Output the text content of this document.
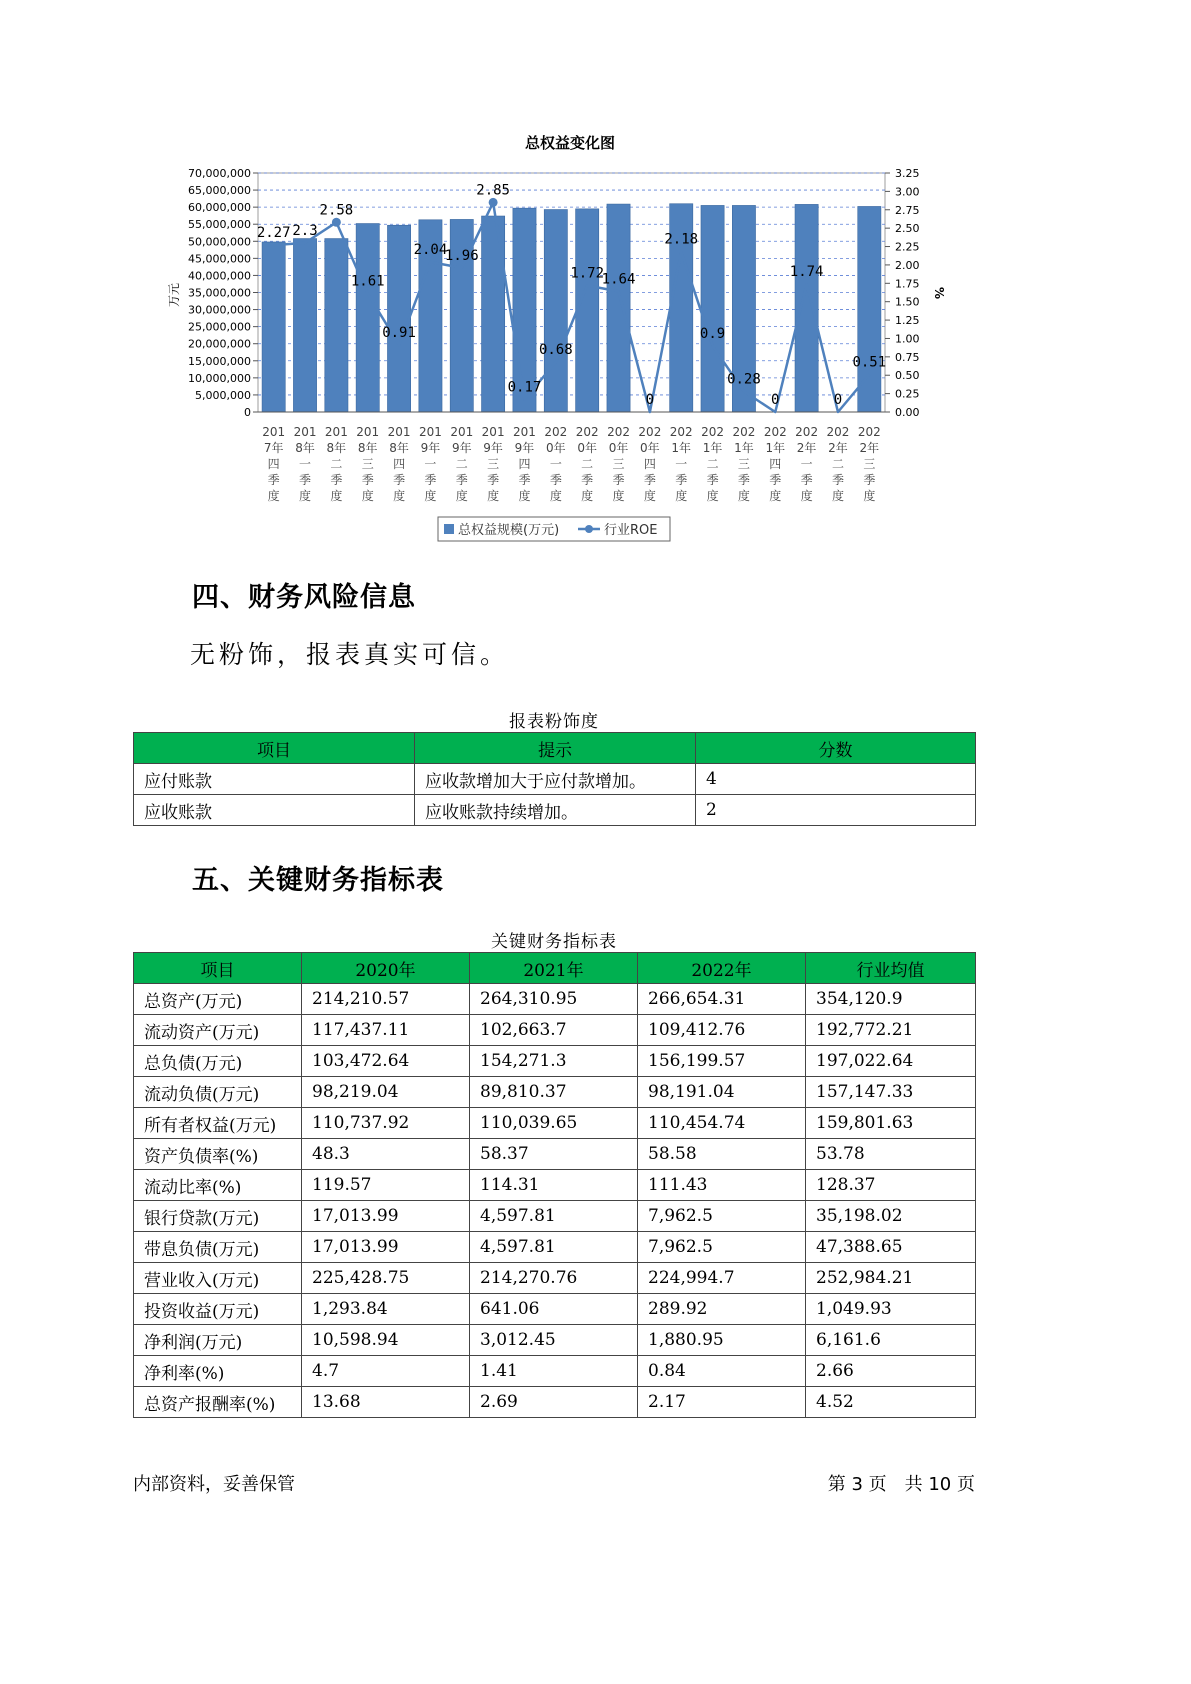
总权益变化图
70,000,000
65,000,000
60,000,000
55,000,000
50,000,000
45,000,000
40,000,000
35,000,000
30,000,000
25,000,000
20,000,000
15,000,000
10,000,000
5,000,000
0
3.25
3.00
2.75
2.50
2.25
2.00
1.75
1.50
1.25
1.00
0.75
0.50
0.25
0.00
万元	%
201
7年
四
季
度
201
8年
一
季
度
201
8年
二
季
度
201
8年
三
季
度
201
8年
四
季
度
201
9年
一
季
度
201
9年
二
季
度
201
9年
三
季
度
201
9年
四
季
度
202
0年
一
季
度
202
0年
二
季
度
202
0年
三
季
度
202
0年
四
季
度
202
1年
一
季
度
202
1年
二
季
度
202
1年
三
季
度
202
1年
四
季
度
202
2年
一
季
度
202
2年
二
季
度
202
2年
三
季
度
2.27 2.3
2.58
1.61
0.91
2.04
1.96
2.85
0.17
0.68
1.72
1.64
0
2.18
0.9
0.28
0
1.74
0
0.51
总权益规模(万元)	行业ROE
四、财务风险信息
无粉饰，报表真实可信。
报表粉饰度
项目	提示	分数
应付账款	应收款增加大于应付款增加。	4
应收账款	应收账款持续增加。	2
五、关键财务指标表
关键财务指标表
项目	2020年	2021年	2022年	行业均值
总资产(万元)	214,210.57	264,310.95	266,654.31	354,120.9
流动资产(万元)	117,437.11	102,663.7	109,412.76	192,772.21
总负债(万元)	103,472.64	154,271.3	156,199.57	197,022.64
流动负债(万元)	98,219.04	89,810.37	98,191.04	157,147.33
所有者权益(万元)	110,737.92	110,039.65	110,454.74	159,801.63
资产负债率(%)	48.3	58.37	58.58	53.78
流动比率(%)	119.57	114.31	111.43	128.37
银行贷款(万元)	17,013.99	4,597.81	7,962.5	35,198.02
带息负债(万元)	17,013.99	4,597.81	7,962.5	47,388.65
营业收入(万元)	225,428.75	214,270.76	224,994.7	252,984.21
投资收益(万元)	1,293.84	641.06	289.92	1,049.93
净利润(万元)	10,598.94	3,012.45	1,880.95	6,161.6
净利率(%)	4.7	1.41	0.84	2.66
总资产报酬率(%)	13.68	2.69	2.17	4.52
内部资料，妥善保管	第 3 页　共 10 页
